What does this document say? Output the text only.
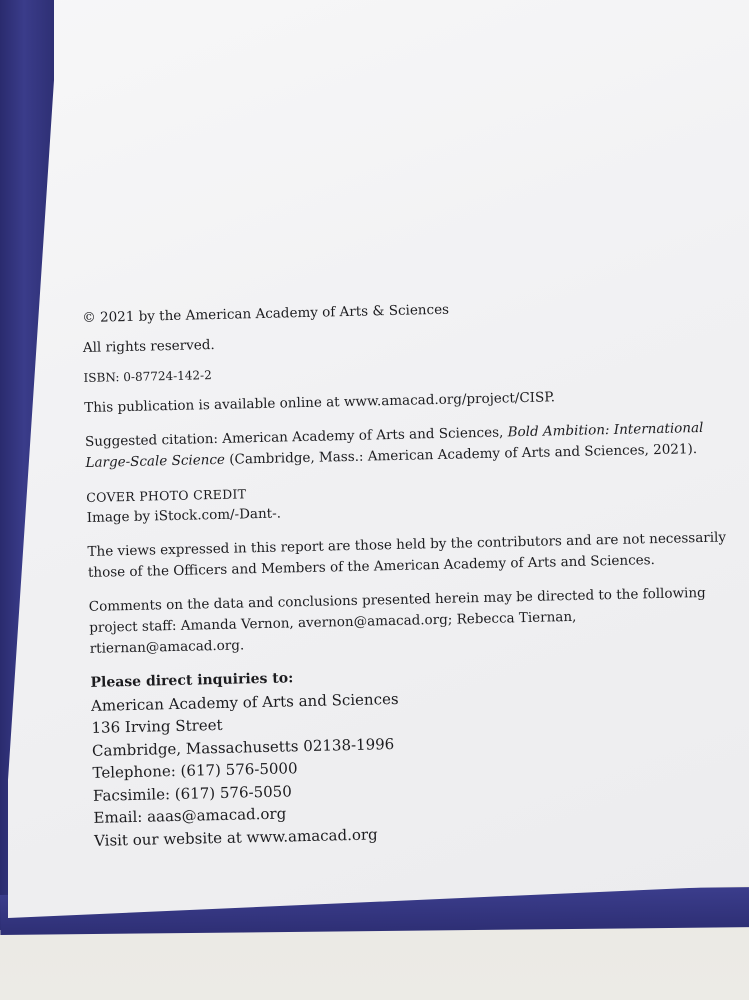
© 2021 by the American Academy of Arts & Sciences

All rights reserved.

ISBN: 0-87724-142-2

This publication is available online at www.amacad.org/project/CISP.

Suggested citation: American Academy of Arts and Sciences, Bold Ambition: International Large-Scale Science (Cambridge, Mass.: American Academy of Arts and Sciences, 2021).

COVER PHOTO CREDIT

Image by iStock.com/-Dant-.

The views expressed in this report are those held by the contributors and are not necessarily those of the Officers and Members of the American Academy of Arts and Sciences.

Comments on the data and conclusions presented herein may be directed to the following project staff: Amanda Vernon, avernon@amacad.org; Rebecca Tiernan, rtiernan@amacad.org.

Please direct inquiries to:

American Academy of Arts and Sciences

136 Irving Street

Cambridge, Massachusetts 02138-1996

Telephone: (617) 576-5000

Facsimile: (617) 576-5050

Email: aaas@amacad.org

Visit our website at www.amacad.org
